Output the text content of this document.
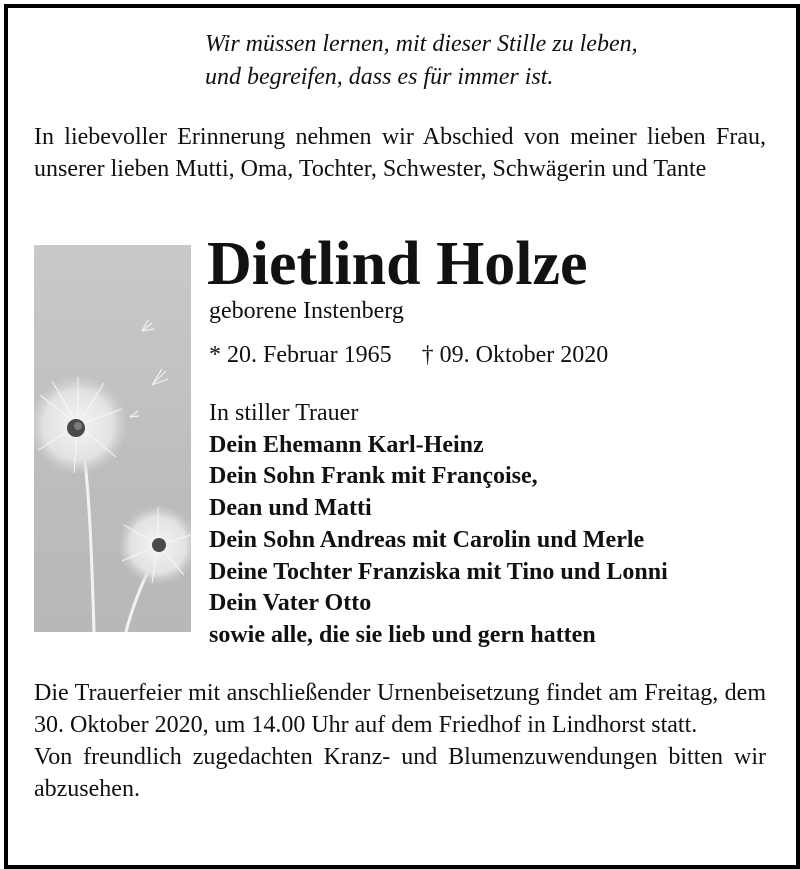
Wir müssen lernen, mit dieser Stille zu leben,
und begreifen, dass es für immer ist.
In liebevoller Erinnerung nehmen wir Abschied von meiner lieben Frau, unserer lieben Mutti, Oma, Tochter, Schwester, Schwägerin und Tante
Dietlind Holze
geborene Instenberg
* 20. Februar 1965 † 09. Oktober 2020
In stiller Trauer
Dein Ehemann Karl-Heinz
Dein Sohn Frank mit Françoise,
Dean und Matti
Dein Sohn Andreas mit Carolin und Merle
Deine Tochter Franziska mit Tino und Lonni
Dein Vater Otto
sowie alle, die sie lieb und gern hatten

Die Trauerfeier mit anschließender Urnenbeisetzung findet am Freitag, dem 30. Oktober 2020, um 14.00 Uhr auf dem Friedhof in Lindhorst statt.

Von freundlich zugedachten Kranz- und Blumenzuwendungen bitten wir abzusehen.
